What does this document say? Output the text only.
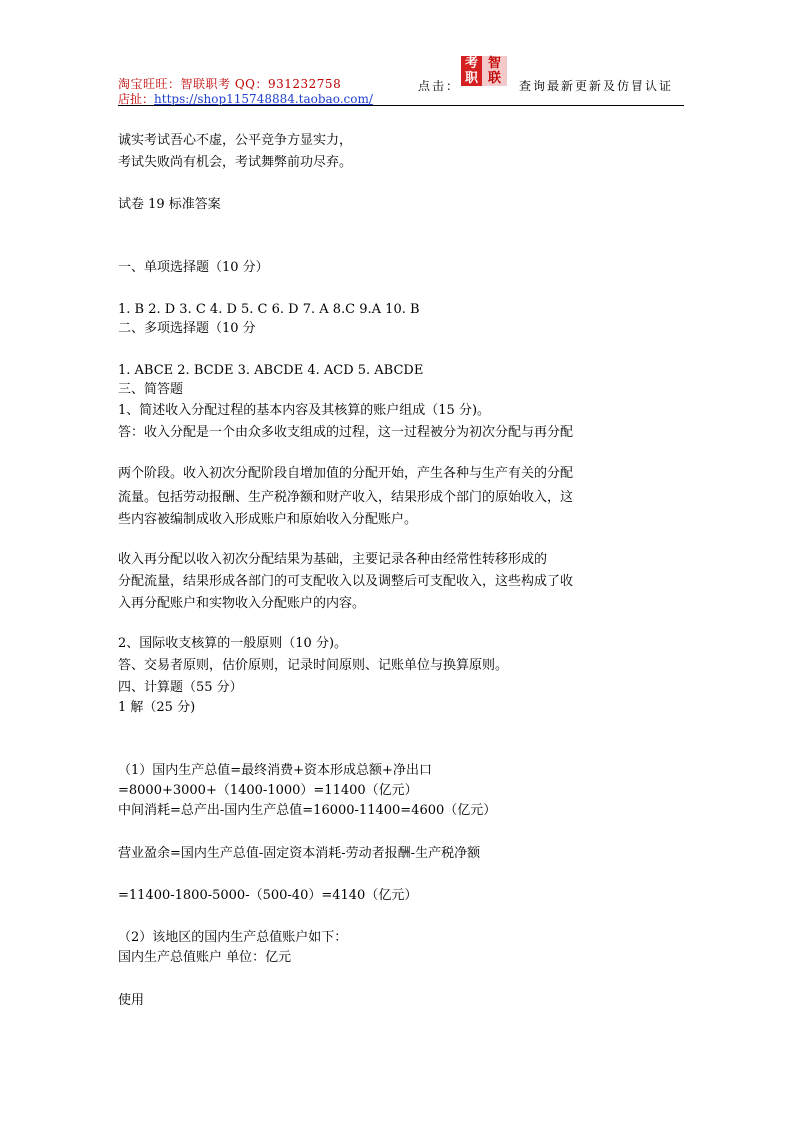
淘宝旺旺：智联职考 QQ：931232758
店扯：https://shop115748884.taobao.com/
点击：
考 智
职 联 查询最新更新及仿冒认证
诚实考试吾心不虚，公平竞争方显实力，
考试失败尚有机会，考试舞弊前功尽弃。
试卷 19 标准答案
一、单项选择题（10 分）
1. B 2. D 3. C 4. D 5. C 6. D 7. A 8.C 9.A 10. B
二、多项选择题（10 分
1. ABCE 2. BCDE 3. ABCDE 4. ACD 5. ABCDE
三、简答题
1、简述收入分配过程的基本内容及其核算的账户组成（15 分)。
答：收入分配是一个由众多收支组成的过程，这一过程被分为初次分配与再分配
两个阶段。收入初次分配阶段自增加值的分配开始，产生各种与生产有关的分配
流量。包括劳动报酬、生产税净额和财产收入，结果形成个部门的原始收入，这
些内容被编制成收入形成账户和原始收入分配账户。
收入再分配以收入初次分配结果为基础，主要记录各种由经常性转移形成的
分配流量，结果形成各部门的可支配收入以及调整后可支配收入，这些构成了收
入再分配账户和实物收入分配账户的内容。
2、国际收支核算的一般原则（10 分)。
答、交易者原则，估价原则，记录时间原则、记账单位与换算原则。
四、计算题（55 分）
1 解（25 分)
（1）国内生产总值=最终消费+资本形成总额+净出口
=8000+3000+（1400-1000）=11400（亿元）
中间消耗=总产出-国内生产总值=16000-11400=4600（亿元）
营业盈余=国内生产总值-固定资本消耗-劳动者报酬-生产税净额
=11400-1800-5000-（500-40）=4140（亿元）
（2）该地区的国内生产总值账户如下：
国内生产总值账户 单位：亿元
使用
